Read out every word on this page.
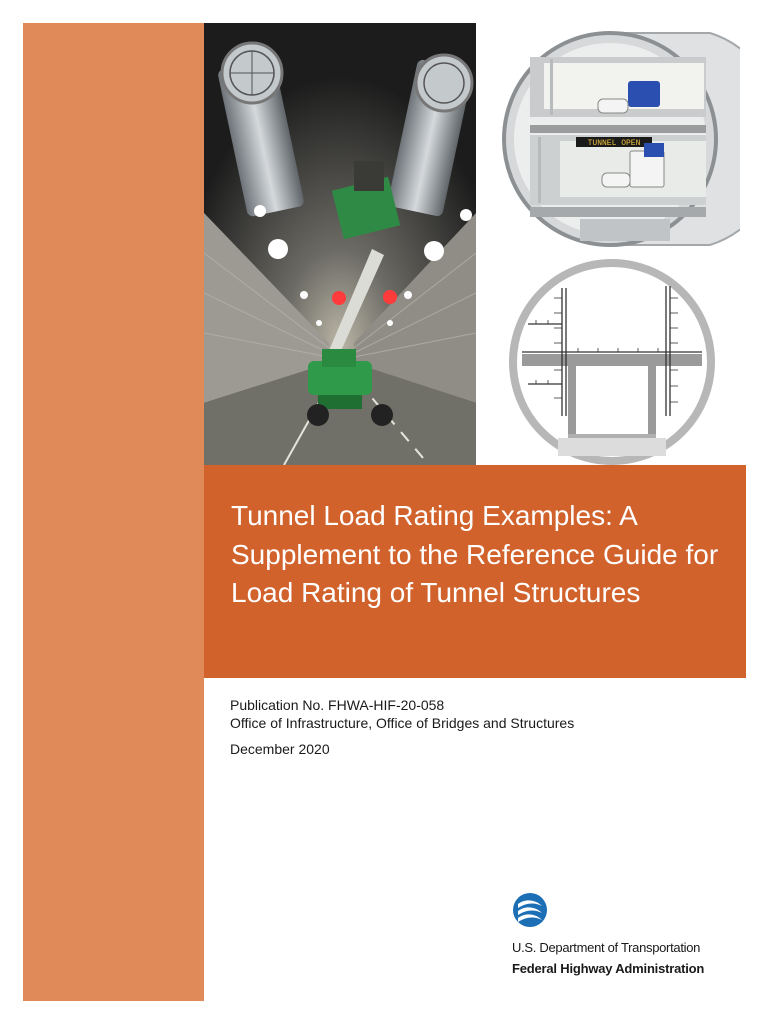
TUNNEL OPEN
Tunnel Load Rating Examples: A Supplement to the Reference Guide for Load Rating of Tunnel Structures
Publication No. FHWA-HIF-20-058
Office of Infrastructure, Office of Bridges and Structures
December 2020
U.S. Department of Transportation
Federal Highway Administration
